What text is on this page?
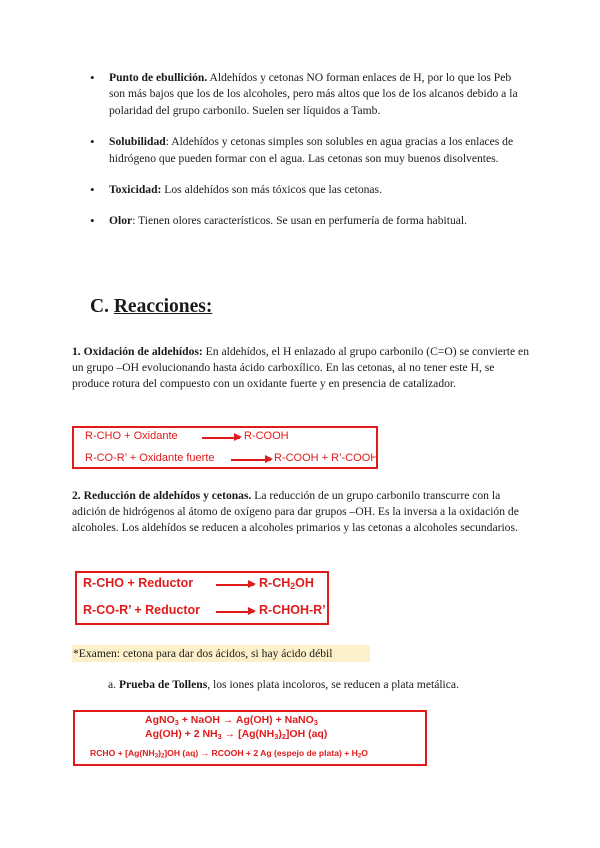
• Punto de ebullición. Aldehídos y cetonas NO forman enlaces de H, por lo que los Peb son más bajos que los de los alcoholes, pero más altos que los de los alcanos debido a la polaridad del grupo carbonilo. Suelen ser líquidos a Tamb.
• Solubilidad: Aldehídos y cetonas simples son solubles en agua gracias a los enlaces de hidrógeno que pueden formar con el agua. Las cetonas son muy buenos disolventes.
• Toxicidad: Los aldehídos son más tóxicos que las cetonas.
• Olor: Tienen olores característicos. Se usan en perfumería de forma habitual.
C. Reacciones:
1. Oxidación de aldehídos: En aldehídos, el H enlazado al grupo carbonilo (C=O) se convierte en un grupo –OH evolucionando hasta ácido carboxílico. En las cetonas, al no tener este H, se produce rotura del compuesto con un oxidante fuerte y en presencia de catalizador.
R-CHO + Oxidante → R-COOH
R-CO-R’ + Oxidante fuerte → R-COOH + R’-COOH
2. Reducción de aldehídos y cetonas. La reducción de un grupo carbonilo transcurre con la adición de hidrógenos al átomo de oxígeno para dar grupos –OH. Es la inversa a la oxidación de alcoholes. Los aldehídos se reducen a alcoholes primarios y las cetonas a alcoholes secundarios.
R-CHO + Reductor → $R-CH_2OH$
R-CO-R’ + Reductor → R-CHOH-R’
*Examen: cetona para dar dos ácidos, si hay ácido débil
a. Prueba de Tollens, los iones plata incoloros, se reducen a plata metálica.
AgNO$_3$ + NaOH → Ag(OH) + NaNO$_3$
Ag(OH) + 2 $NH_3 \to [Ag(NH_3)_2]OH$ (aq)
RCHO + $[Ag(NH_3)_2]OH$ (aq) → RCOOH + 2 Ag (espejo de plata) + $H_2O$
